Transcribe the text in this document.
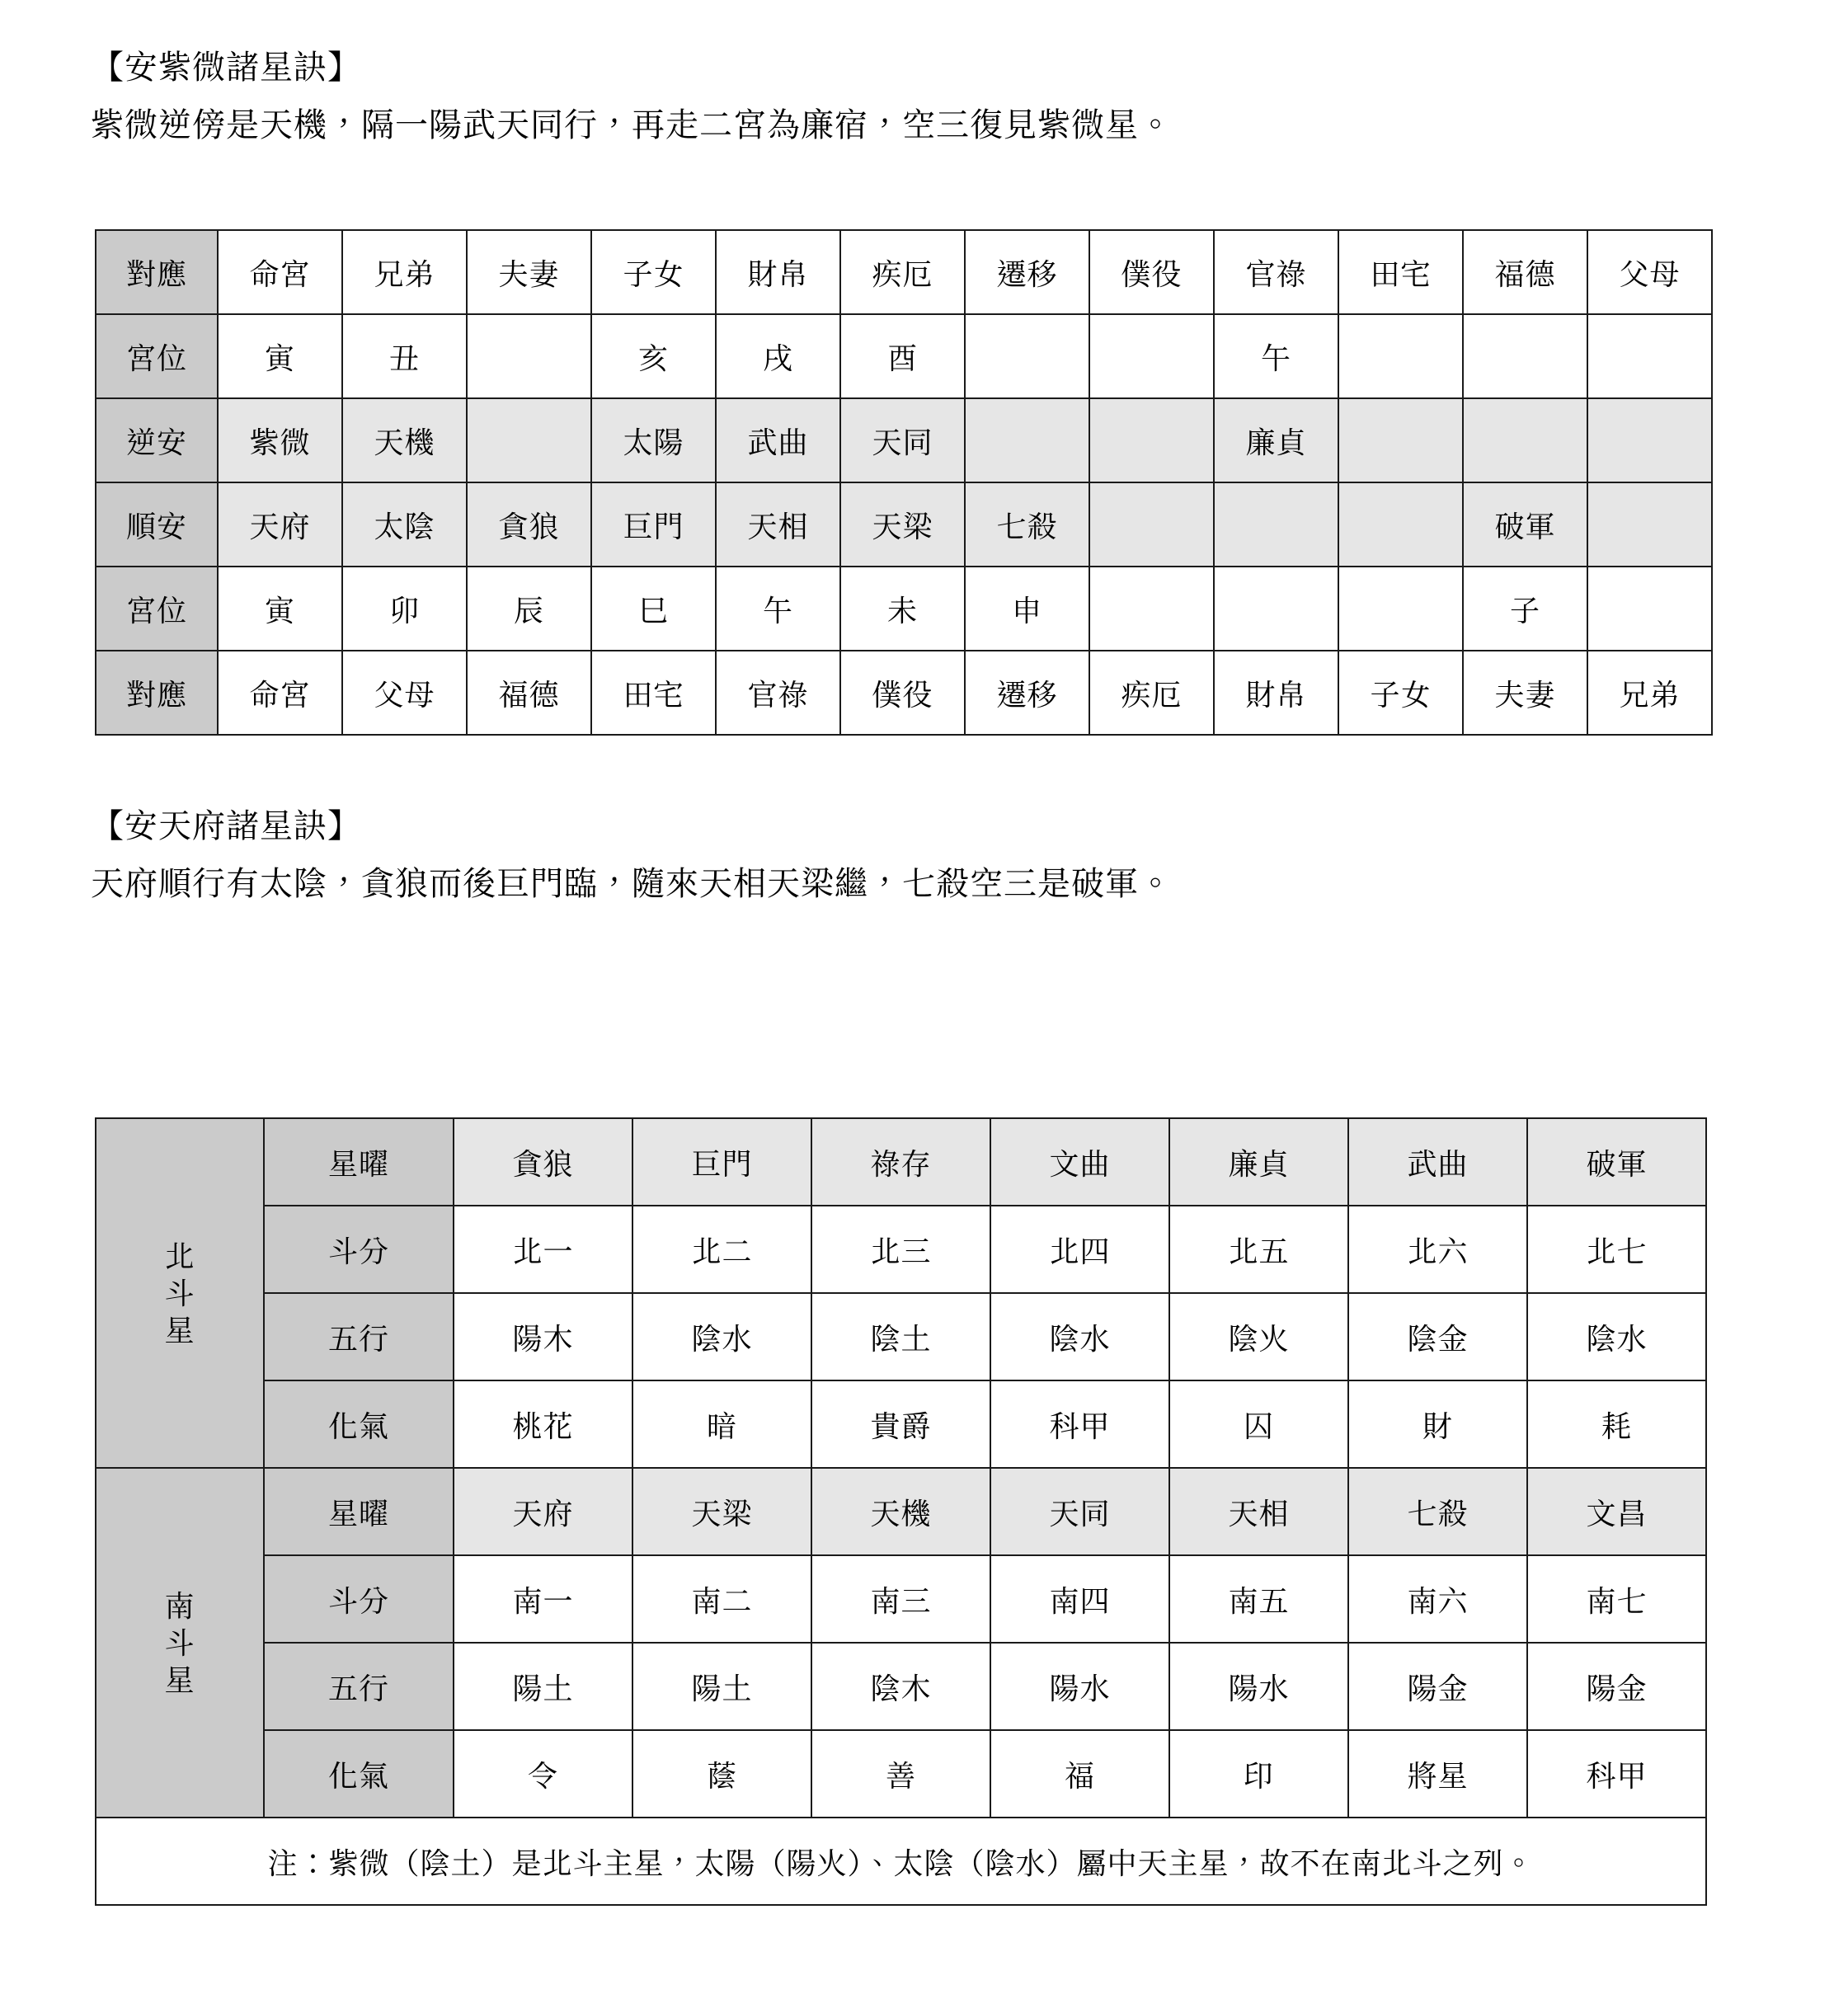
【安紫微諸星訣】
紫微逆傍是天機，隔一陽武天同行，再走二宮為廉宿，空三復見紫微星。
對應	命宮	兄弟	夫妻	子女	財帛	疾厄	遷移	僕役	官祿	田宅	福德	父母
宮位	寅	丑		亥	戌	酉			午			
逆安	紫微	天機		太陽	武曲	天同			廉貞			
順安	天府	太陰	貪狼	巨門	天相	天梁	七殺				破軍	
宮位	寅	卯	辰	巳	午	未	申				子	
對應	命宮	父母	福德	田宅	官祿	僕役	遷移	疾厄	財帛	子女	夫妻	兄弟
【安天府諸星訣】
天府順行有太陰，貪狼而後巨門臨，隨來天相天梁繼，七殺空三是破軍。
北
斗
星	星曜	貪狼	巨門	祿存	文曲	廉貞	武曲	破軍
	斗分	北一	北二	北三	北四	北五	北六	北七
	五行	陽木	陰水	陰土	陰水	陰火	陰金	陰水
	化氣	桃花	暗	貴爵	科甲	囚	財	耗

南
斗
星	星曜	天府	天梁	天機	天同	天相	七殺	文昌
	斗分	南一	南二	南三	南四	南五	南六	南七
	五行	陽土	陽土	陰木	陽水	陽水	陽金	陽金
	化氣	令	蔭	善	福	印	將星	科甲
注：紫微（陰土）是北斗主星，太陽（陽火）、太陰（陰水）屬中天主星，故不在南北斗之列。								
